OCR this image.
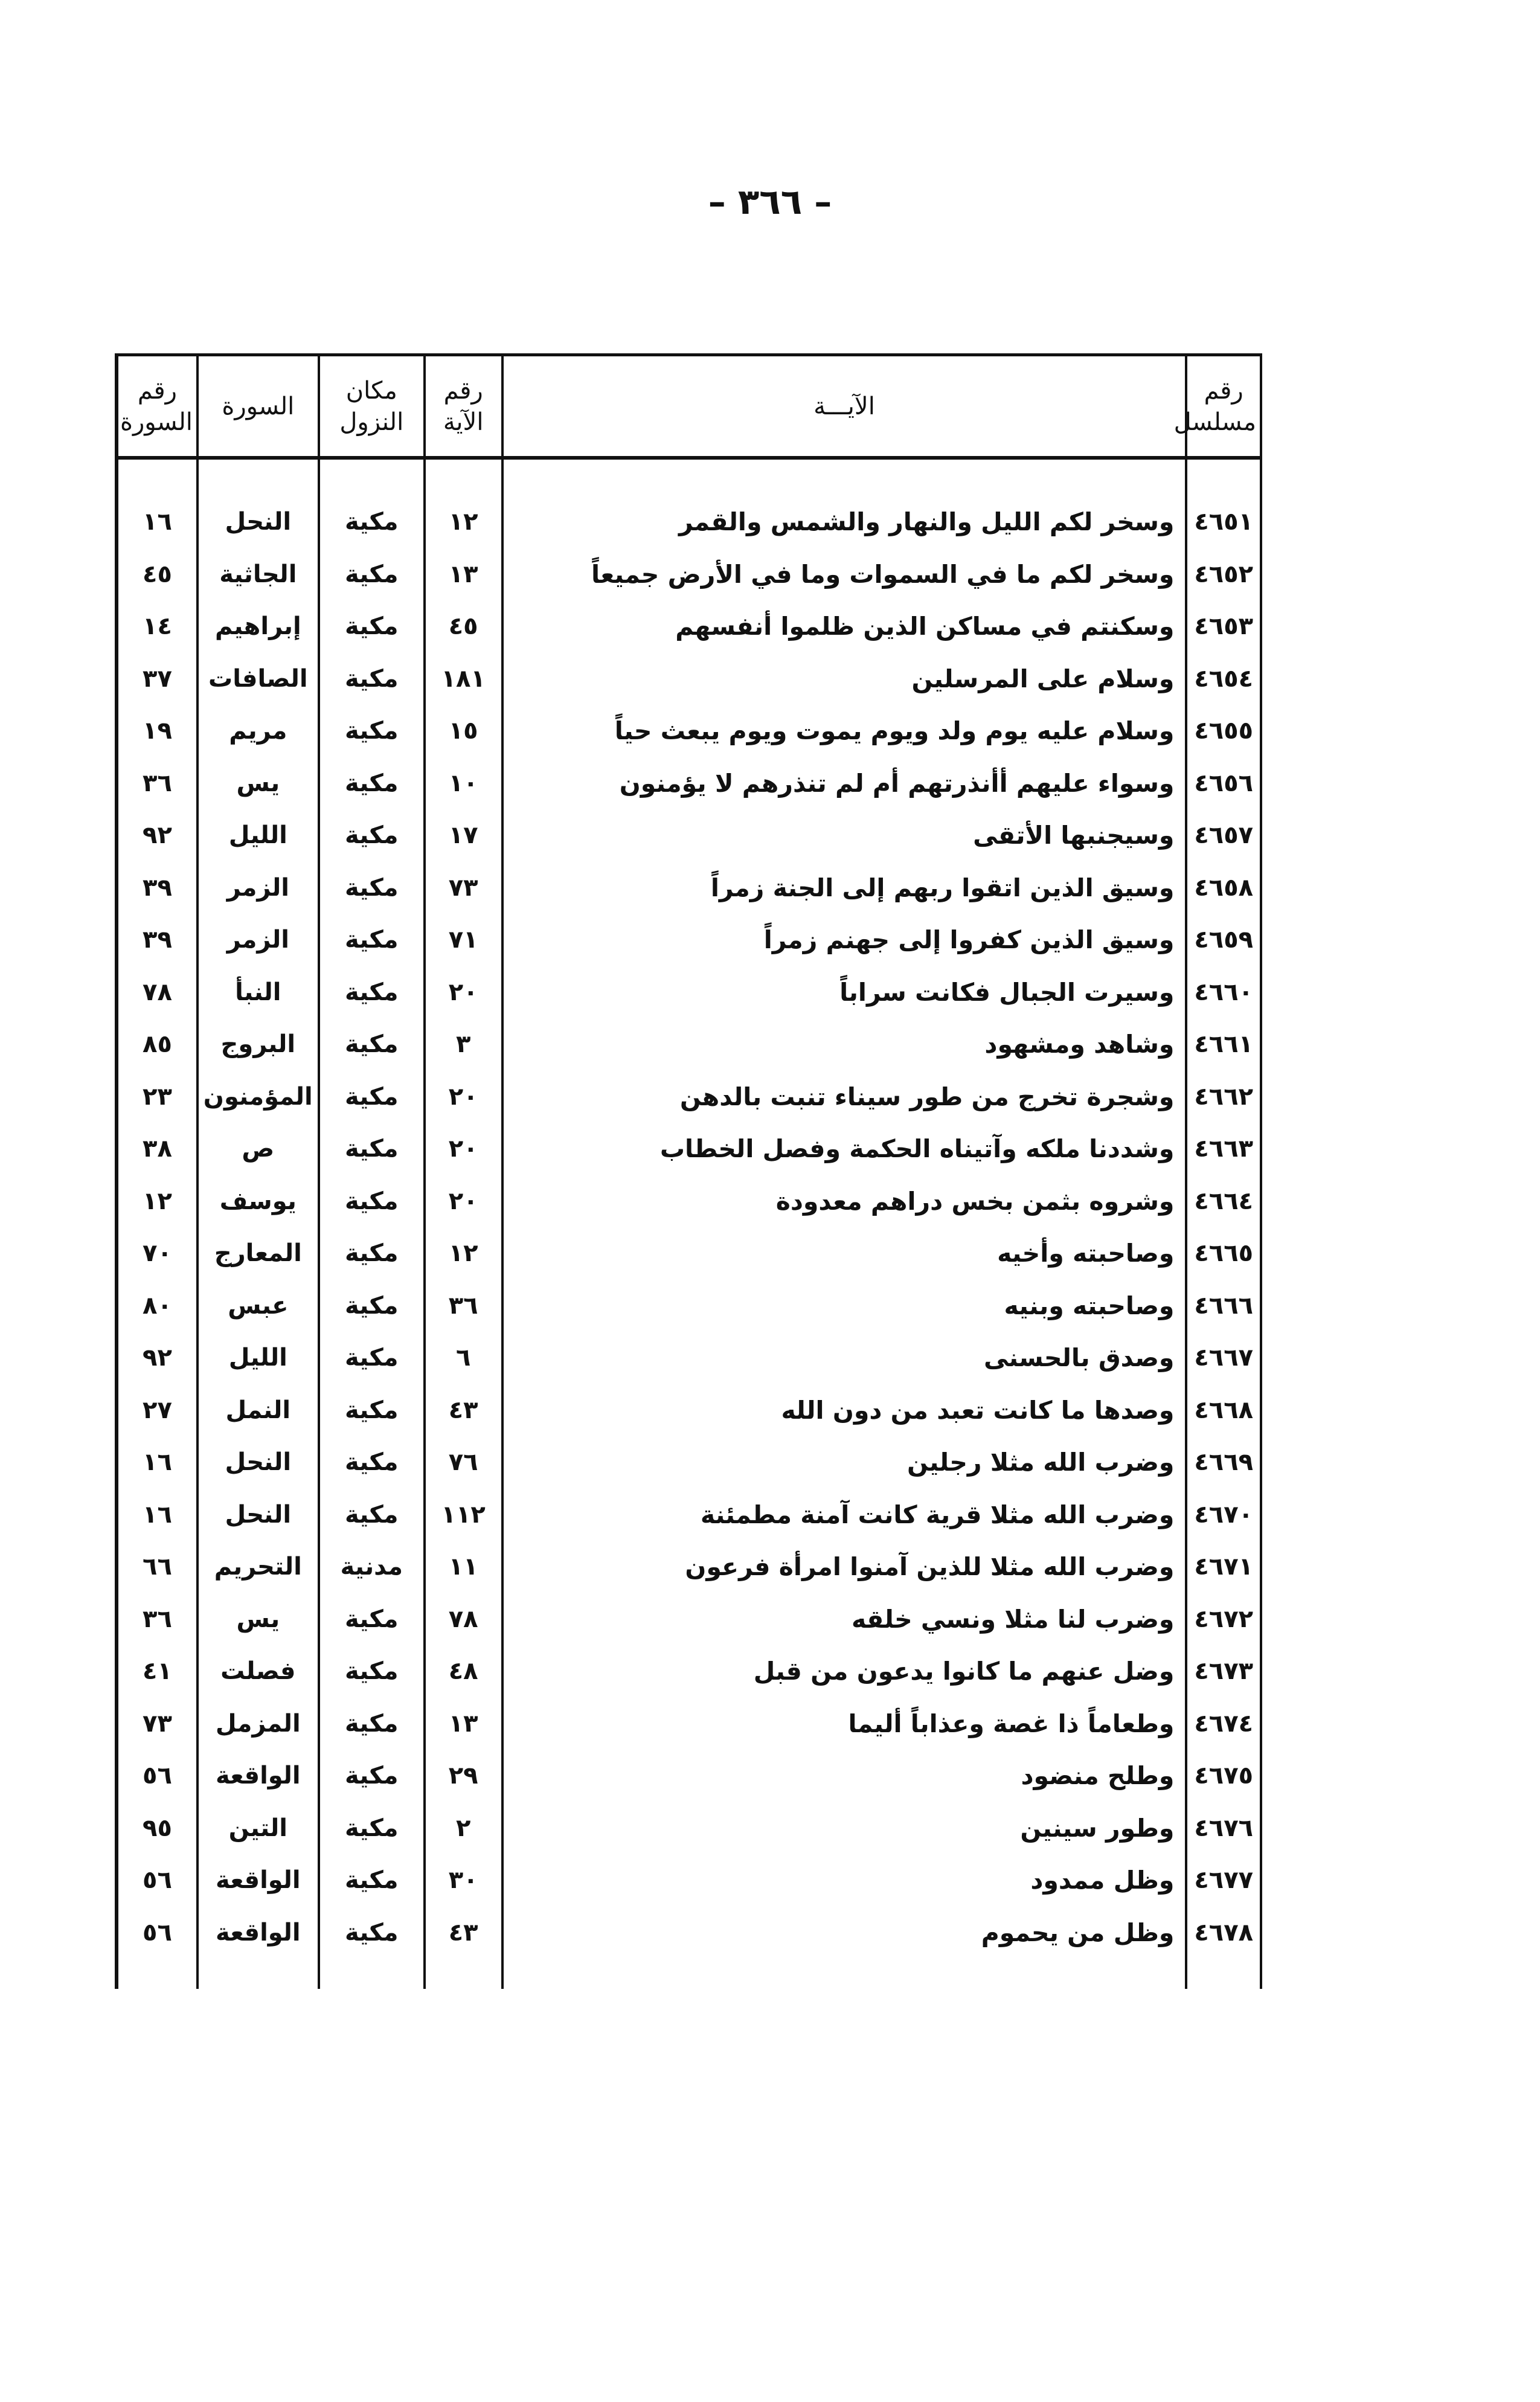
– ٣٦٦ –
رقم مسلسل	الآيـــة	رقم الآية	مكان النزول	السورة	رقم السورة

٤٦٥١	وسخر لكم الليل والنهار والشمس والقمر	١٢	مكية	النحل	١٦
٤٦٥٢	وسخر لكم ما في السموات وما في الأرض جميعاً	١٣	مكية	الجاثية	٤٥
٤٦٥٣	وسكنتم في مساكن الذين ظلموا أنفسهم	٤٥	مكية	إبراهيم	١٤
٤٦٥٤	وسلام على المرسلين	١٨١	مكية	الصافات	٣٧
٤٦٥٥	وسلام عليه يوم ولد ويوم يموت ويوم يبعث حياً	١٥	مكية	مريم	١٩
٤٦٥٦	وسواء عليهم أأنذرتهم أم لم تنذرهم لا يؤمنون	١٠	مكية	يس	٣٦
٤٦٥٧	وسيجنبها الأتقى	١٧	مكية	الليل	٩٢
٤٦٥٨	وسيق الذين اتقوا ربهم إلى الجنة زمراً	٧٣	مكية	الزمر	٣٩
٤٦٥٩	وسيق الذين كفروا إلى جهنم زمراً	٧١	مكية	الزمر	٣٩
٤٦٦٠	وسيرت الجبال فكانت سراباً	٢٠	مكية	النبأ	٧٨
٤٦٦١	وشاهد ومشهود	٣	مكية	البروج	٨٥
٤٦٦٢	وشجرة تخرج من طور سيناء تنبت بالدهن	٢٠	مكية	المؤمنون	٢٣
٤٦٦٣	وشددنا ملكه وآتيناه الحكمة وفصل الخطاب	٢٠	مكية	ص	٣٨
٤٦٦٤	وشروه بثمن بخس دراهم معدودة	٢٠	مكية	يوسف	١٢
٤٦٦٥	وصاحبته وأخيه	١٢	مكية	المعارج	٧٠
٤٦٦٦	وصاحبته وبنيه	٣٦	مكية	عبس	٨٠
٤٦٦٧	وصدق بالحسنى	٦	مكية	الليل	٩٢
٤٦٦٨	وصدها ما كانت تعبد من دون الله	٤٣	مكية	النمل	٢٧
٤٦٦٩	وضرب الله مثلا رجلين	٧٦	مكية	النحل	١٦
٤٦٧٠	وضرب الله مثلا قرية كانت آمنة مطمئنة	١١٢	مكية	النحل	١٦
٤٦٧١	وضرب الله مثلا للذين آمنوا امرأة فرعون	١١	مدنية	التحريم	٦٦
٤٦٧٢	وضرب لنا مثلا ونسي خلقه	٧٨	مكية	يس	٣٦
٤٦٧٣	وضل عنهم ما كانوا يدعون من قبل	٤٨	مكية	فصلت	٤١
٤٦٧٤	وطعاماً ذا غصة وعذاباً أليما	١٣	مكية	المزمل	٧٣
٤٦٧٥	وطلح منضود	٢٩	مكية	الواقعة	٥٦
٤٦٧٦	وطور سينين	٢	مكية	التين	٩٥
٤٦٧٧	وظل ممدود	٣٠	مكية	الواقعة	٥٦
٤٦٧٨	وظل من يحموم	٤٣	مكية	الواقعة	٥٦
